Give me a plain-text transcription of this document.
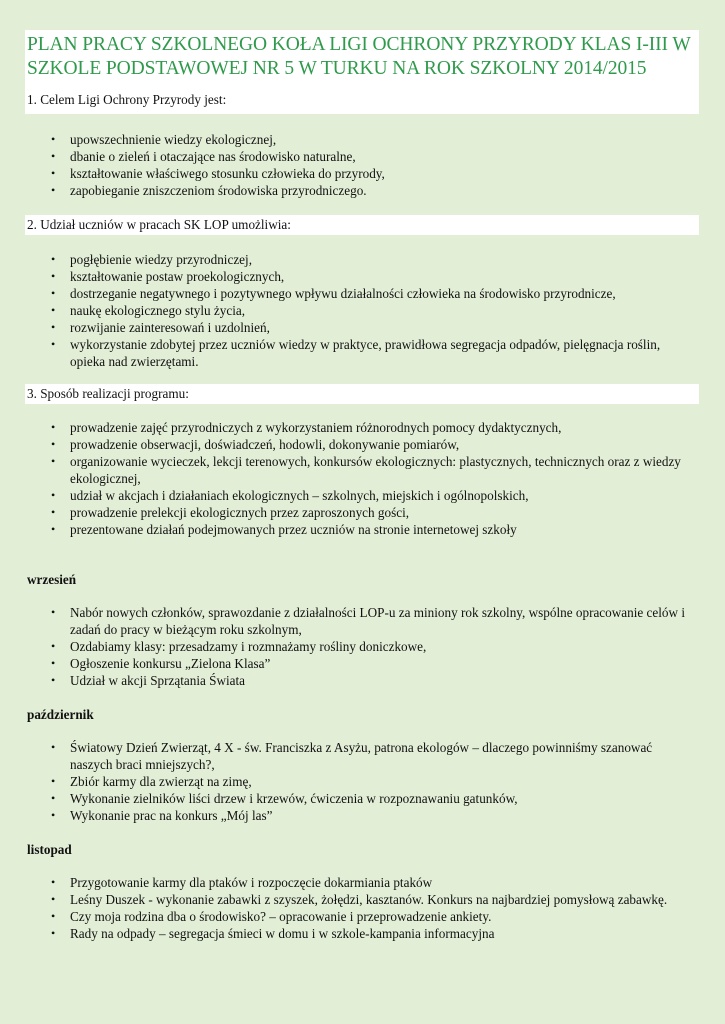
PLAN PRACY SZKOLNEGO KOŁA LIGI OCHRONY PRZYRODY KLAS I-III W SZKOLE PODSTAWOWEJ NR 5 W TURKU NA ROK SZKOLNY 2014/2015
1. Celem Ligi Ochrony Przyrody jest:
• upowszechnienie wiedzy ekologicznej,
• dbanie o zieleń i otaczające nas środowisko naturalne,
• kształtowanie właściwego stosunku człowieka do przyrody,
• zapobieganie zniszczeniom środowiska przyrodniczego.
2. Udział uczniów w pracach SK LOP umożliwia:
• pogłębienie wiedzy przyrodniczej,
• kształtowanie postaw proekologicznych,
• dostrzeganie negatywnego i pozytywnego wpływu działalności człowieka na środowisko przyrodnicze,
• naukę ekologicznego stylu życia,
• rozwijanie zainteresowań i uzdolnień,
• wykorzystanie zdobytej przez uczniów wiedzy w praktyce, prawidłowa segregacja odpadów, pielęgnacja roślin, opieka nad zwierzętami.
3. Sposób realizacji programu:
• prowadzenie zajęć przyrodniczych z wykorzystaniem różnorodnych pomocy dydaktycznych,
• prowadzenie obserwacji, doświadczeń, hodowli, dokonywanie pomiarów,
• organizowanie wycieczek, lekcji terenowych, konkursów ekologicznych: plastycznych, technicznych oraz z wiedzy ekologicznej,
• udział w akcjach i działaniach ekologicznych – szkolnych, miejskich i ogólnopolskich,
• prowadzenie prelekcji ekologicznych przez zaproszonych gości,
• prezentowane działań podejmowanych przez uczniów na stronie internetowej szkoły
wrzesień
• Nabór nowych członków, sprawozdanie z działalności LOP-u za miniony rok szkolny, wspólne opracowanie celów i zadań do pracy w bieżącym roku szkolnym,
• Ozdabiamy klasy: przesadzamy i rozmnażamy rośliny doniczkowe,
• Ogłoszenie konkursu „Zielona Klasa”
• Udział w akcji Sprzątania Świata
październik
• Światowy Dzień Zwierząt, 4 X - św. Franciszka z Asyżu, patrona ekologów – dlaczego powinniśmy szanować naszych braci mniejszych?,
• Zbiór karmy dla zwierząt na zimę,
• Wykonanie zielników liści drzew i krzewów, ćwiczenia w rozpoznawaniu gatunków,
• Wykonanie prac na konkurs „Mój las”
listopad
• Przygotowanie karmy dla ptaków i rozpoczęcie dokarmiania ptaków
• Leśny Duszek - wykonanie zabawki z szyszek, żołędzi, kasztanów. Konkurs na najbardziej pomysłową zabawkę.
• Czy moja rodzina dba o środowisko? – opracowanie i przeprowadzenie ankiety.
• Rady na odpady – segregacja śmieci w domu i w szkole-kampania informacyjna
